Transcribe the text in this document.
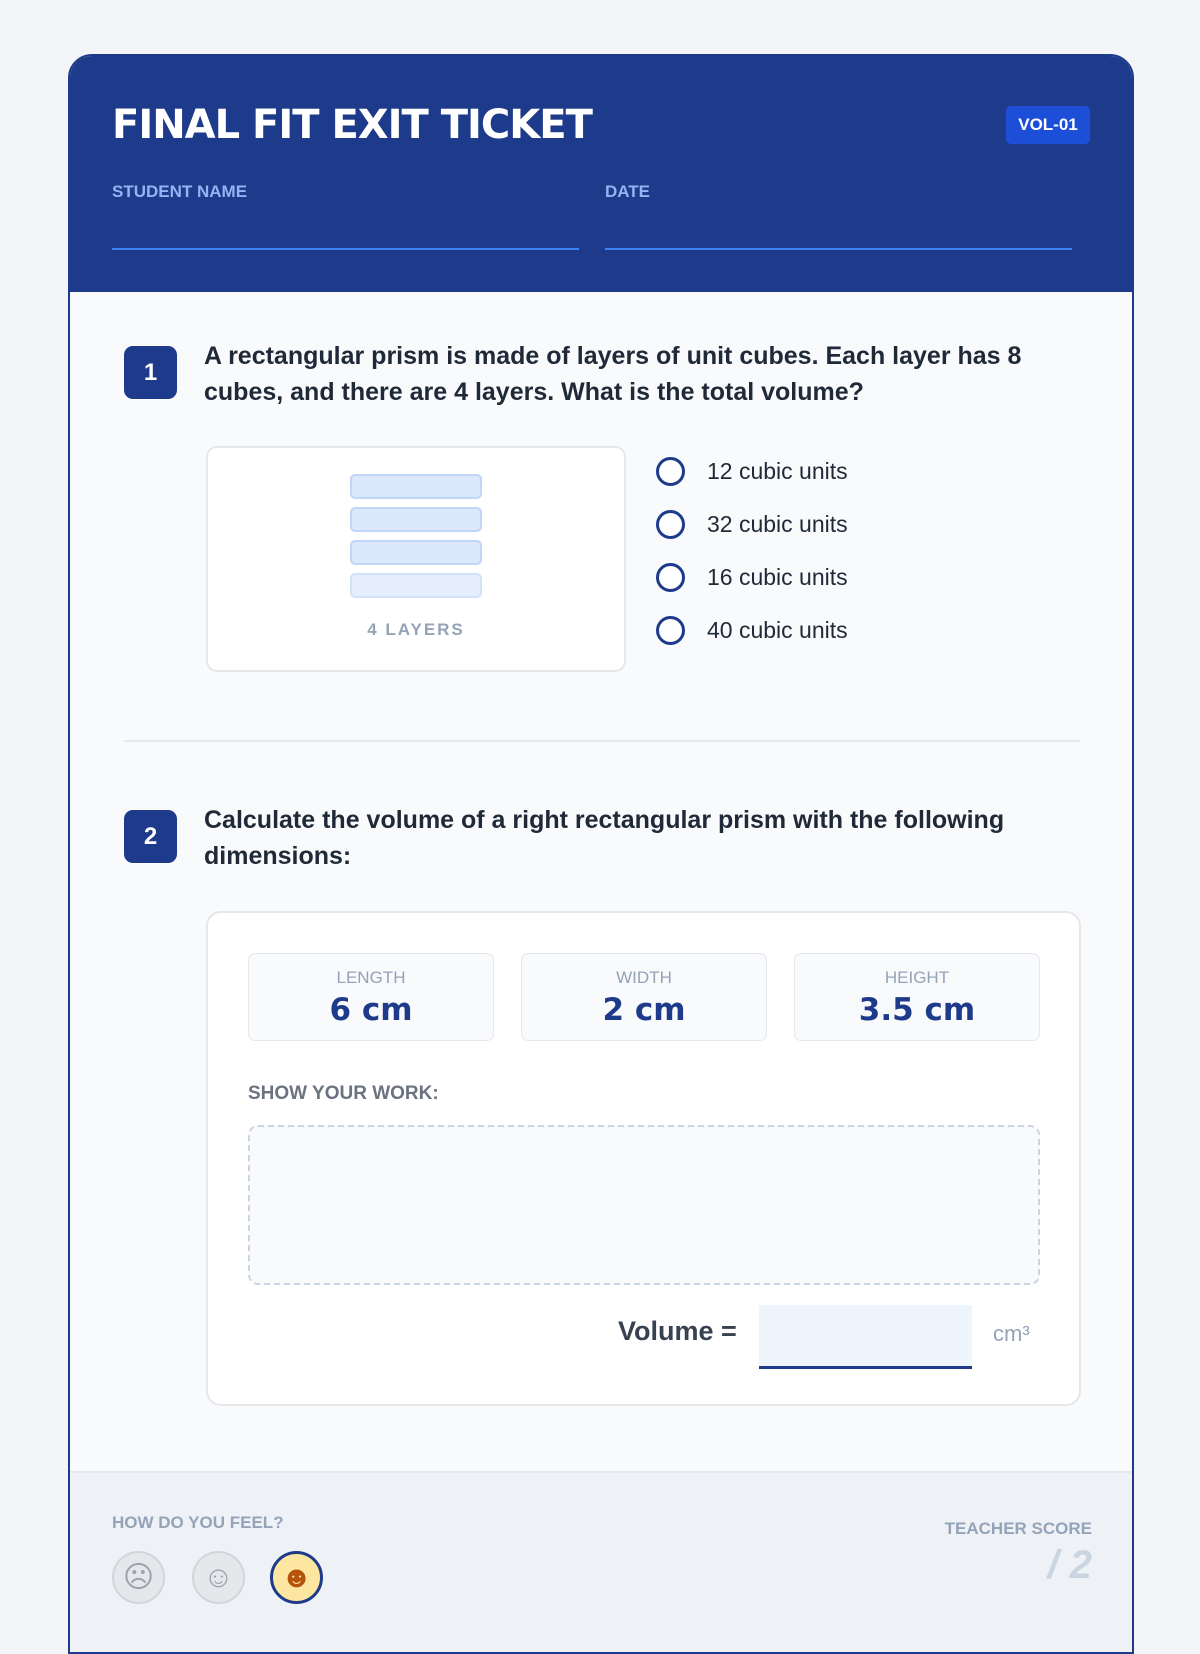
FINAL FIT EXIT TICKET	VOL-01
STUDENT NAME	DATE
1
A rectangular prism is made of layers of unit cubes. Each layer has 8 cubes, and there are 4 layers. What is the total volume?
4 LAYERS
12 cubic units
32 cubic units
16 cubic units
40 cubic units
2
Calculate the volume of a right rectangular prism with the following dimensions:
LENGTH
6 cm
WIDTH
2 cm
HEIGHT
3.5 cm
SHOW YOUR WORK:
Volume =	cm³
HOW DO YOU FEEL?
☹	☺	☻
TEACHER SCORE
/ 2
